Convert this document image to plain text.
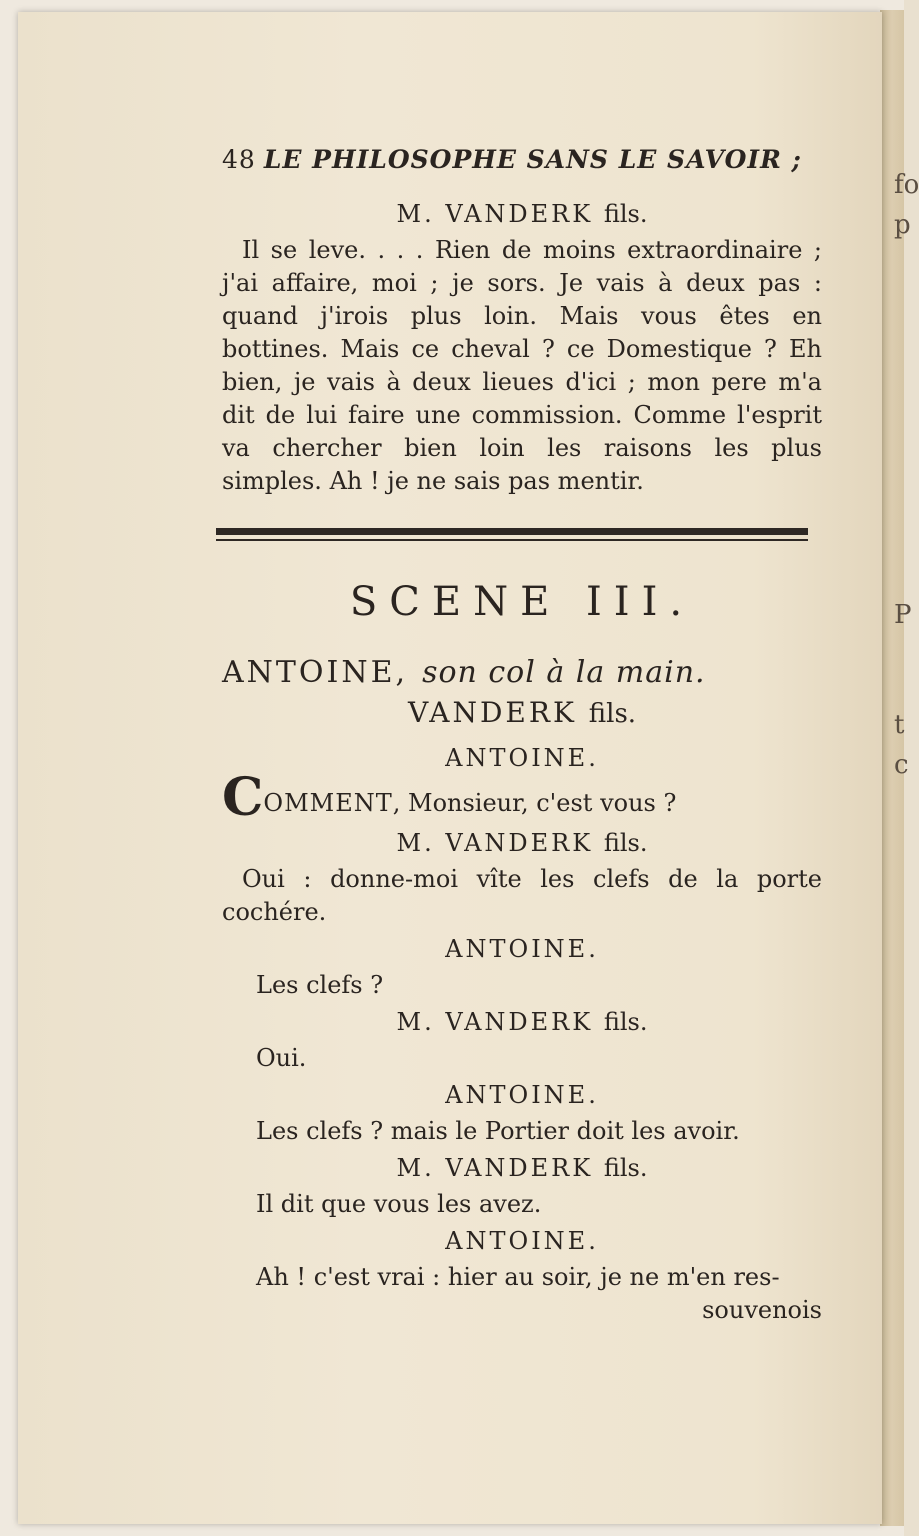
fo
p
P
t
c
48 LE PHILOSOPHE SANS LE SAVOIR ;
M. VANDERK fils.

Il se leve. . . . Rien de moins extraordinaire ; j'ai affaire, moi ; je sors. Je vais à deux pas : quand j'irois plus loin. Mais vous êtes en bottines. Mais ce cheval ? ce Domestique ? Eh bien, je vais à deux lieues d'ici ; mon pere m'a dit de lui faire une commission. Comme l'esprit va chercher bien loin les raisons les plus simples. Ah ! je ne sais pas mentir.

SCENE III.
ANTOINE, son col à la main.
VANDERK fils.
ANTOINE.

COMMENT, Monsieur, c'est vous ?

M. VANDERK fils.

Oui : donne-moi vîte les clefs de la porte cochére.

ANTOINE.

Les clefs ?

M. VANDERK fils.

Oui.

ANTOINE.

Les clefs ? mais le Portier doit les avoir.

M. VANDERK fils.

Il dit que vous les avez.

ANTOINE.

Ah ! c'est vrai : hier au soir, je ne m'en res-

souvenois
